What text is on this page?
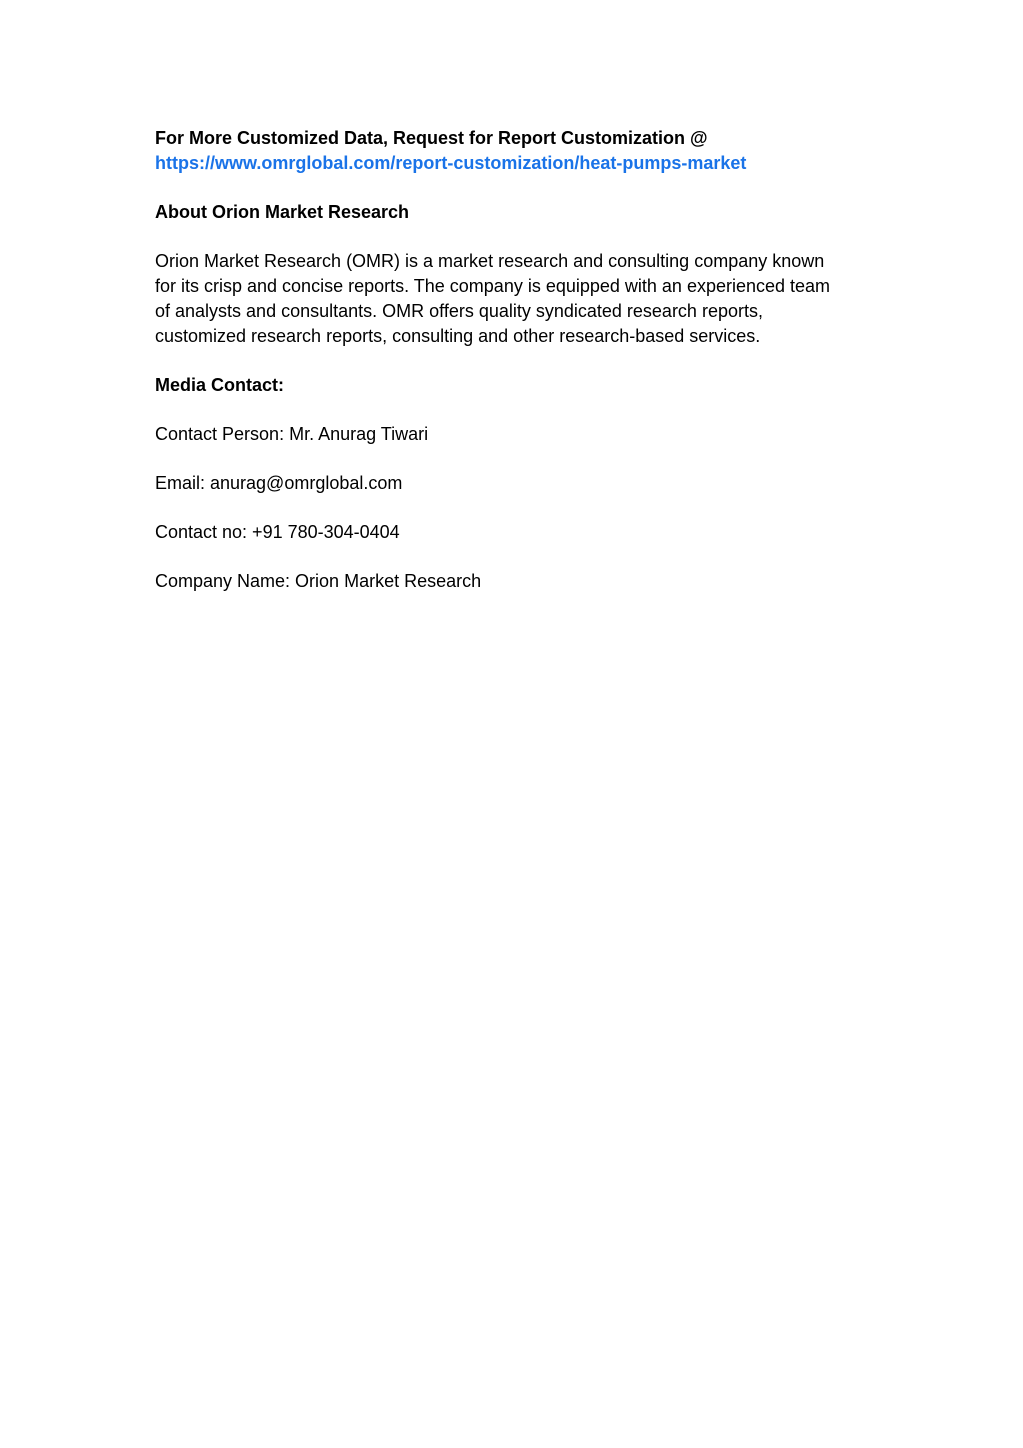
For More Customized Data, Request for Report Customization @
https://www.omrglobal.com/report-customization/heat-pumps-market
About Orion Market Research
Orion Market Research (OMR) is a market research and consulting company known
for its crisp and concise reports. The company is equipped with an experienced team
of analysts and consultants. OMR offers quality syndicated research reports,
customized research reports, consulting and other research-based services.
Media Contact:
Contact Person: Mr. Anurag Tiwari
Email: anurag@omrglobal.com
Contact no: +91 780-304-0404
Company Name: Orion Market Research
